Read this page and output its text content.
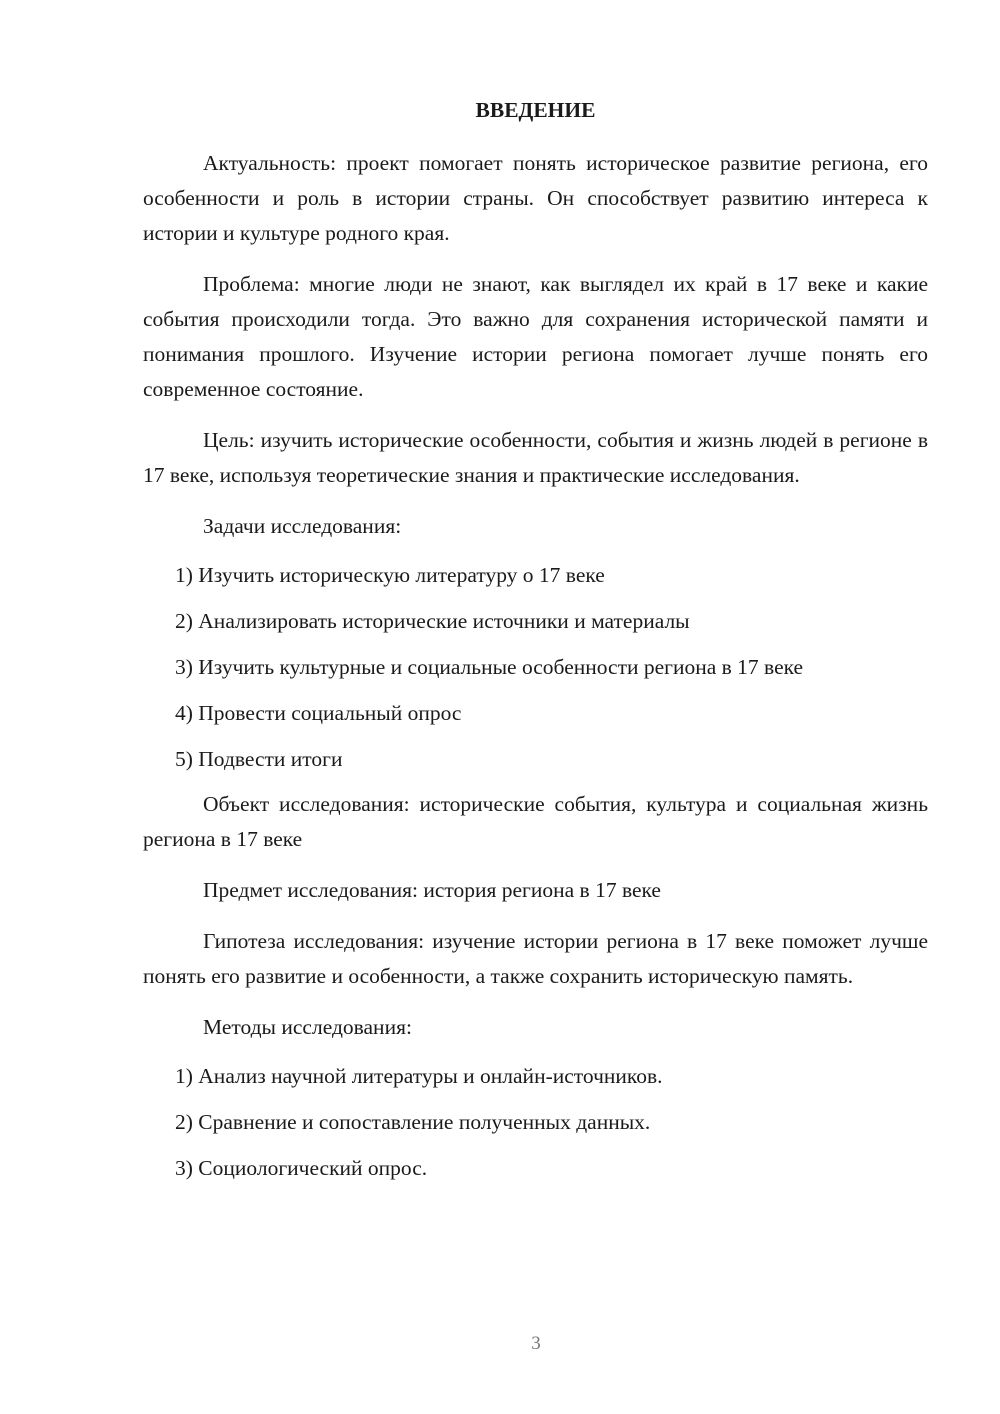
ВВЕДЕНИЕ

Актуальность: проект помогает понять историческое развитие региона, его особенности и роль в истории страны. Он способствует развитию интереса к истории и культуре родного края.

Проблема: многие люди не знают, как выглядел их край в 17 веке и какие события происходили тогда. Это важно для сохранения исторической памяти и понимания прошлого. Изучение истории региона помогает лучше понять его современное состояние.

Цель: изучить исторические особенности, события и жизнь людей в регионе в 17 веке, используя теоретические знания и практические исследования.

Задачи исследования:

1) Изучить историческую литературу о 17 веке
2) Анализировать исторические источники и материалы
3) Изучить культурные и социальные особенности региона в 17 веке
4) Провести социальный опрос
5) Подвести итоги

Объект исследования: исторические события, культура и социальная жизнь региона в 17 веке

Предмет исследования: история региона в 17 веке

Гипотеза исследования: изучение истории региона в 17 веке поможет лучше понять его развитие и особенности, а также сохранить историческую память.

Методы исследования:

1) Анализ научной литературы и онлайн-источников.
2) Сравнение и сопоставление полученных данных.
3) Социологический опрос.
3
